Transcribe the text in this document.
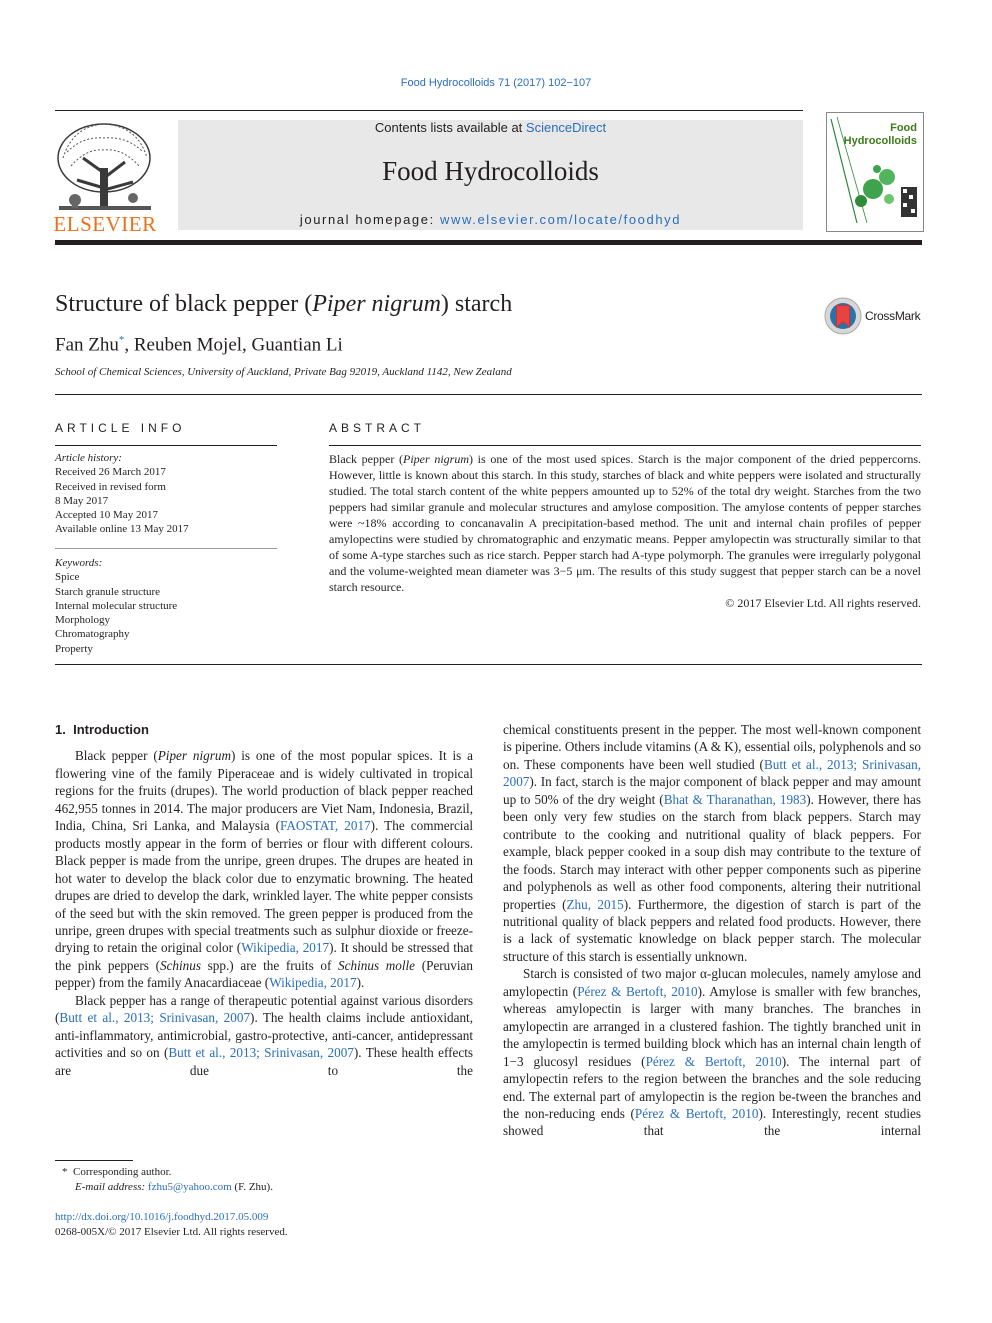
Food Hydrocolloids 71 (2017) 102−107
ELSEVIER
Contents lists available at ScienceDirect
Food Hydrocolloids
journal homepage: www.elsevier.com/locate/foodhyd
Food
Hydrocolloids
Structure of black pepper (Piper nigrum) starch	CrossMark
Fan Zhu*, Reuben Mojel, Guantian Li
School of Chemical Sciences, University of Auckland, Private Bag 92019, Auckland 1142, New Zealand
ARTICLE INFO
Article history:
Received 26 March 2017
Received in revised form
8 May 2017
Accepted 10 May 2017
Available online 13 May 2017
Keywords:
Spice
Starch granule structure
Internal molecular structure
Morphology
Chromatography
Property
ABSTRACT
Black pepper (Piper nigrum) is one of the most used spices. Starch is the major component of the dried peppercorns. However, little is known about this starch. In this study, starches of black and white peppers were isolated and structurally studied. The total starch content of the white peppers amounted up to 52% of the total dry weight. Starches from the two peppers had similar granule and molecular structures and amylose composition. The amylose contents of pepper starches were ~18% according to concanavalin A precipitation-based method. The unit and internal chain profiles of pepper amylopectins were studied by chromatographic and enzymatic means. Pepper amylopectin was structurally similar to that of some A-type starches such as rice starch. Pepper starch had A-type polymorph. The granules were irregularly polygonal and the volume-weighted mean diameter was 3−5 μm. The results of this study suggest that pepper starch can be a novel starch resource.
© 2017 Elsevier Ltd. All rights reserved.
1. Introduction

Black pepper (Piper nigrum) is one of the most popular spices. It is a flowering vine of the family Piperaceae and is widely cultivated in tropical regions for the fruits (drupes). The world production of black pepper reached 462,955 tonnes in 2014. The major producers are Viet Nam, Indonesia, Brazil, India, China, Sri Lanka, and Malaysia (FAOSTAT, 2017). The commercial products mostly appear in the form of berries or flour with different colours. Black pepper is made from the unripe, green drupes. The drupes are heated in hot water to develop the black color due to enzymatic browning. The heated drupes are dried to develop the dark, wrinkled layer. The white pepper consists of the seed but with the skin removed. The green pepper is produced from the unripe, green drupes with special treatments such as sulphur dioxide or freeze-drying to retain the original color (Wikipedia, 2017). It should be stressed that the pink peppers (Schinus spp.) are the fruits of Schinus molle (Peruvian pepper) from the family Anacardiaceae (Wikipedia, 2017).

Black pepper has a range of therapeutic potential against various disorders (Butt et al., 2013; Srinivasan, 2007). The health claims include antioxidant, anti-inflammatory, antimicrobial, gastro-protective, anti-cancer, antidepressant activities and so on (Butt et al., 2013; Srinivasan, 2007). These health effects are due to the

chemical constituents present in the pepper. The most well-known component is piperine. Others include vitamins (A & K), essential oils, polyphenols and so on. These components have been well studied (Butt et al., 2013; Srinivasan, 2007). In fact, starch is the major component of black pepper and may amount up to 50% of the dry weight (Bhat & Tharanathan, 1983). However, there has been only very few studies on the starch from black peppers. Starch may contribute to the cooking and nutritional quality of black peppers. For example, black pepper cooked in a soup dish may contribute to the texture of the foods. Starch may interact with other pepper components such as piperine and polyphenols as well as other food components, altering their nutritional properties (Zhu, 2015). Furthermore, the digestion of starch is part of the nutritional quality of black peppers and related food products. However, there is a lack of systematic knowledge on black pepper starch. The molecular structure of this starch is essentially unknown.

Starch is consisted of two major α-glucan molecules, namely amylose and amylopectin (Pérez & Bertoft, 2010). Amylose is smaller with few branches, whereas amylopectin is larger with many branches. The branches in amylopectin are arranged in a clustered fashion. The tightly branched unit in the amylopectin is termed building block which has an internal chain length of 1−3 glucosyl residues (Pérez & Bertoft, 2010). The internal part of amylopectin refers to the region between the branches and the sole reducing end. The external part of amylopectin is the region be-tween the branches and the non-reducing ends (Pérez & Bertoft, 2010). Interestingly, recent studies showed that the internal

* Corresponding author.
E-mail address: fzhu5@yahoo.com (F. Zhu).
http://dx.doi.org/10.1016/j.foodhyd.2017.05.009
0268-005X/© 2017 Elsevier Ltd. All rights reserved.
